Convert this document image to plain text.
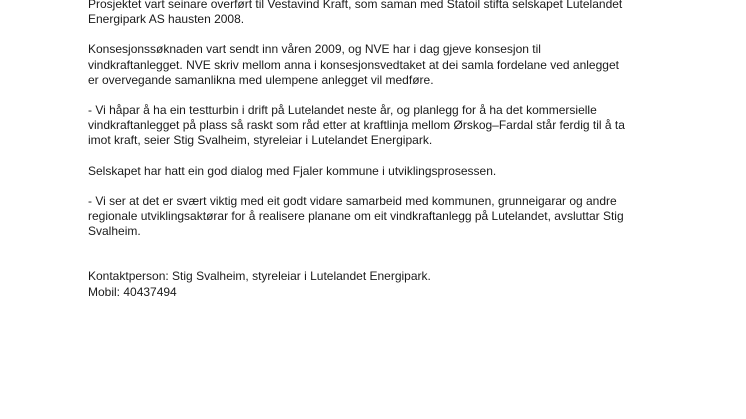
Prosjektet vart seinare overført til Vestavind Kraft, som saman med Statoil stifta selskapet Lutelandet
Energipark AS hausten 2008.

Konsesjonssøknaden vart sendt inn våren 2009, og NVE har i dag gjeve konsesjon til
vindkraftanlegget. NVE skriv mellom anna i konsesjonsvedtaket at dei samla fordelane ved anlegget
er overvegande samanlikna med ulempene anlegget vil medføre.

- Vi håpar å ha ein testturbin i drift på Lutelandet neste år, og planlegg for å ha det kommersielle
vindkraftanlegget på plass så raskt som råd etter at kraftlinja mellom Ørskog–Fardal står ferdig til å ta
imot kraft, seier Stig Svalheim, styreleiar i Lutelandet Energipark.

Selskapet har hatt ein god dialog med Fjaler kommune i utviklingsprosessen.

- Vi ser at det er svært viktig med eit godt vidare samarbeid med kommunen, grunneigarar og andre
regionale utviklingsaktørar for å realisere planane om eit vindkraftanlegg på Lutelandet, avsluttar Stig
Svalheim.

Kontaktperson: Stig Svalheim, styreleiar i Lutelandet Energipark.
Mobil: 40437494
